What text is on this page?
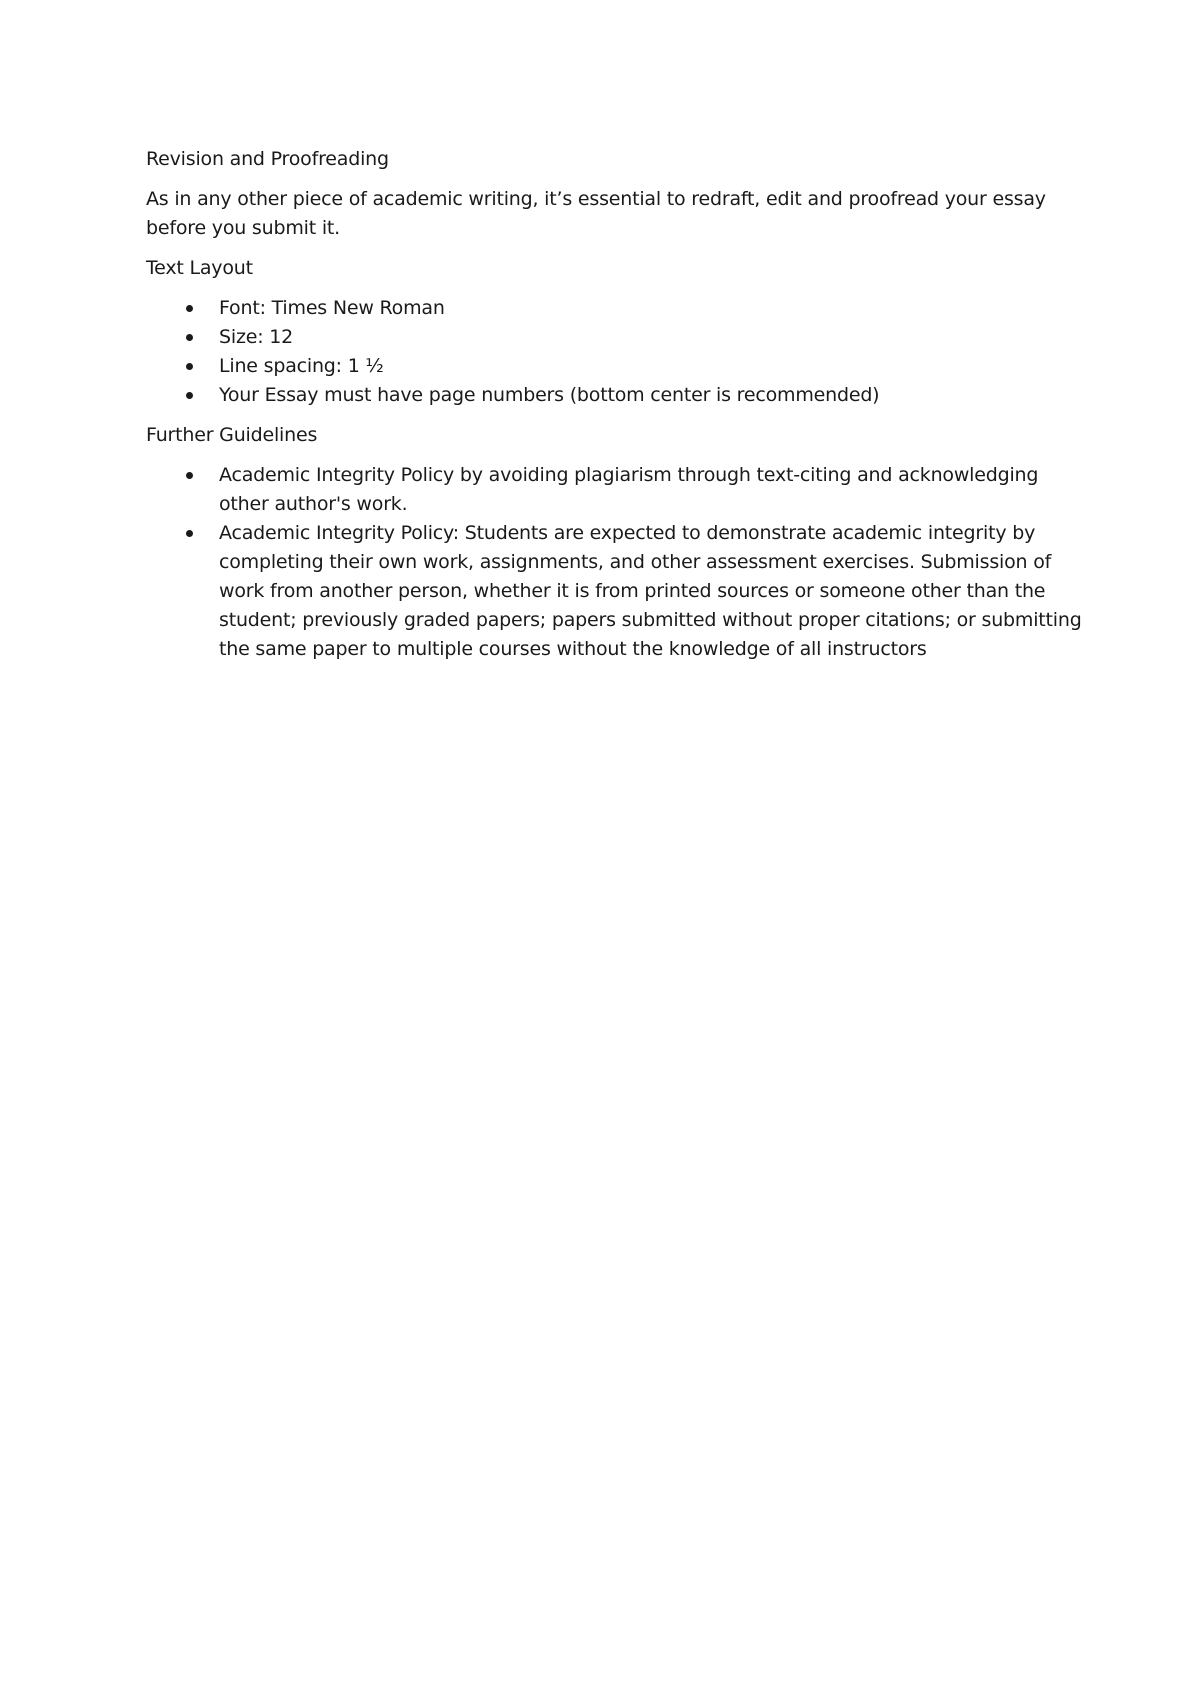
Revision and Proofreading
As in any other piece of academic writing, it’s essential to redraft, edit and proofread your essay before you submit it.
Text Layout
Font: Times New Roman
Size: 12
Line spacing: 1 ½
Your Essay must have page numbers (bottom center is recommended)
Further Guidelines
Academic Integrity Policy by avoiding plagiarism through text-citing and acknowledging other author's work.
Academic Integrity Policy: Students are expected to demonstrate academic integrity by completing their own work, assignments, and other assessment exercises. Submission of work from another person, whether it is from printed sources or someone other than the student; previously graded papers; papers submitted without proper citations; or submitting the same paper to multiple courses without the knowledge of all instructors
